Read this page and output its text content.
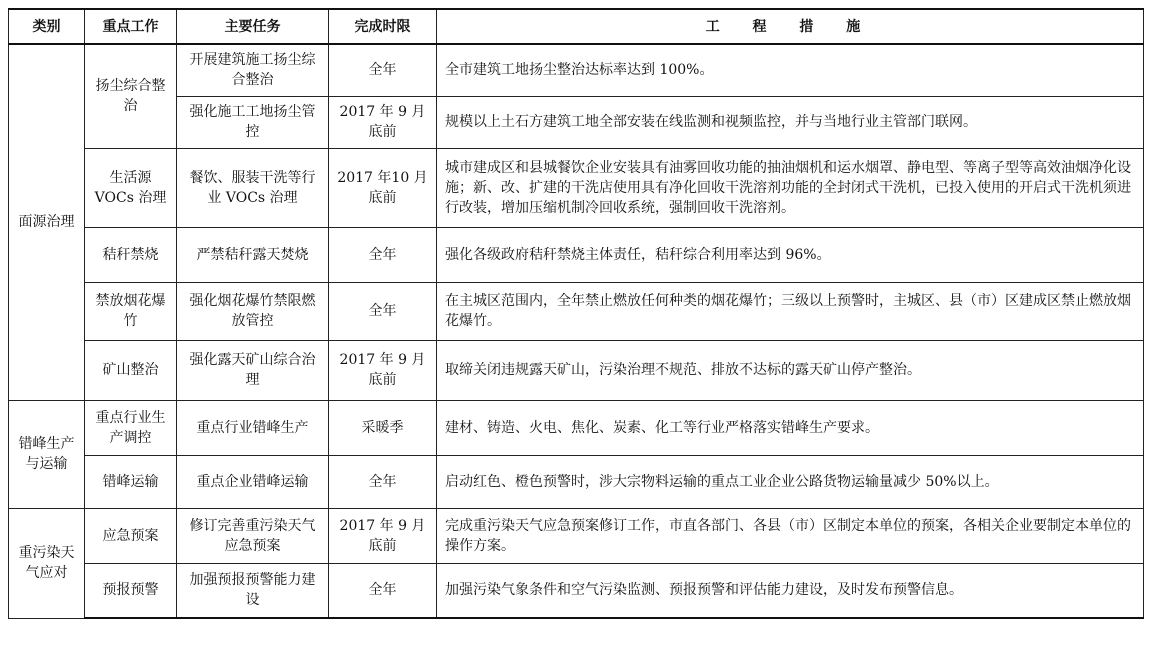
类别	重点工作	主要任务	完成时限	工 程 措 施
面源治理	扬尘综合整治	开展建筑施工扬尘综合整治	全年	全市建筑工地扬尘整治达标率达到 100%。
		强化施工工地扬尘管控	2017 年 9 月底前	规模以上土石方建筑工地全部安装在线监测和视频监控，并与当地行业主管部门联网。
	生活源 VOCs 治理	餐饮、服装干洗等行业 VOCs 治理	2017 年10 月底前	城市建成区和县城餐饮企业安装具有油雾回收功能的抽油烟机和运水烟罩、静电型、等离子型等高效油烟净化设施；新、改、扩建的干洗店使用具有净化回收干洗溶剂功能的全封闭式干洗机，已投入使用的开启式干洗机须进行改装，增加压缩机制冷回收系统，强制回收干洗溶剂。
	秸秆禁烧	严禁秸秆露天焚烧	全年	强化各级政府秸秆禁烧主体责任，秸秆综合利用率达到 96%。
	禁放烟花爆竹	强化烟花爆竹禁限燃放管控	全年	在主城区范围内，全年禁止燃放任何种类的烟花爆竹；三级以上预警时，主城区、县（市）区建成区禁止燃放烟花爆竹。
	矿山整治	强化露天矿山综合治理	2017 年 9 月底前	取缔关闭违规露天矿山，污染治理不规范、排放不达标的露天矿山停产整治。

错峰生产与运输	重点行业生产调控	重点行业错峰生产	采暖季	建材、铸造、火电、焦化、炭素、化工等行业严格落实错峰生产要求。
	错峰运输	重点企业错峰运输	全年	启动红色、橙色预警时，涉大宗物料运输的重点工业企业公路货物运输量减少 50%以上。
重污染天气应对	应急预案	修订完善重污染天气应急预案	2017 年 9 月底前	完成重污染天气应急预案修订工作，市直各部门、各县（市）区制定本单位的预案，各相关企业要制定本单位的操作方案。
	预报预警	加强预报预警能力建设	全年	加强污染气象条件和空气污染监测、预报预警和评估能力建设，及时发布预警信息。
